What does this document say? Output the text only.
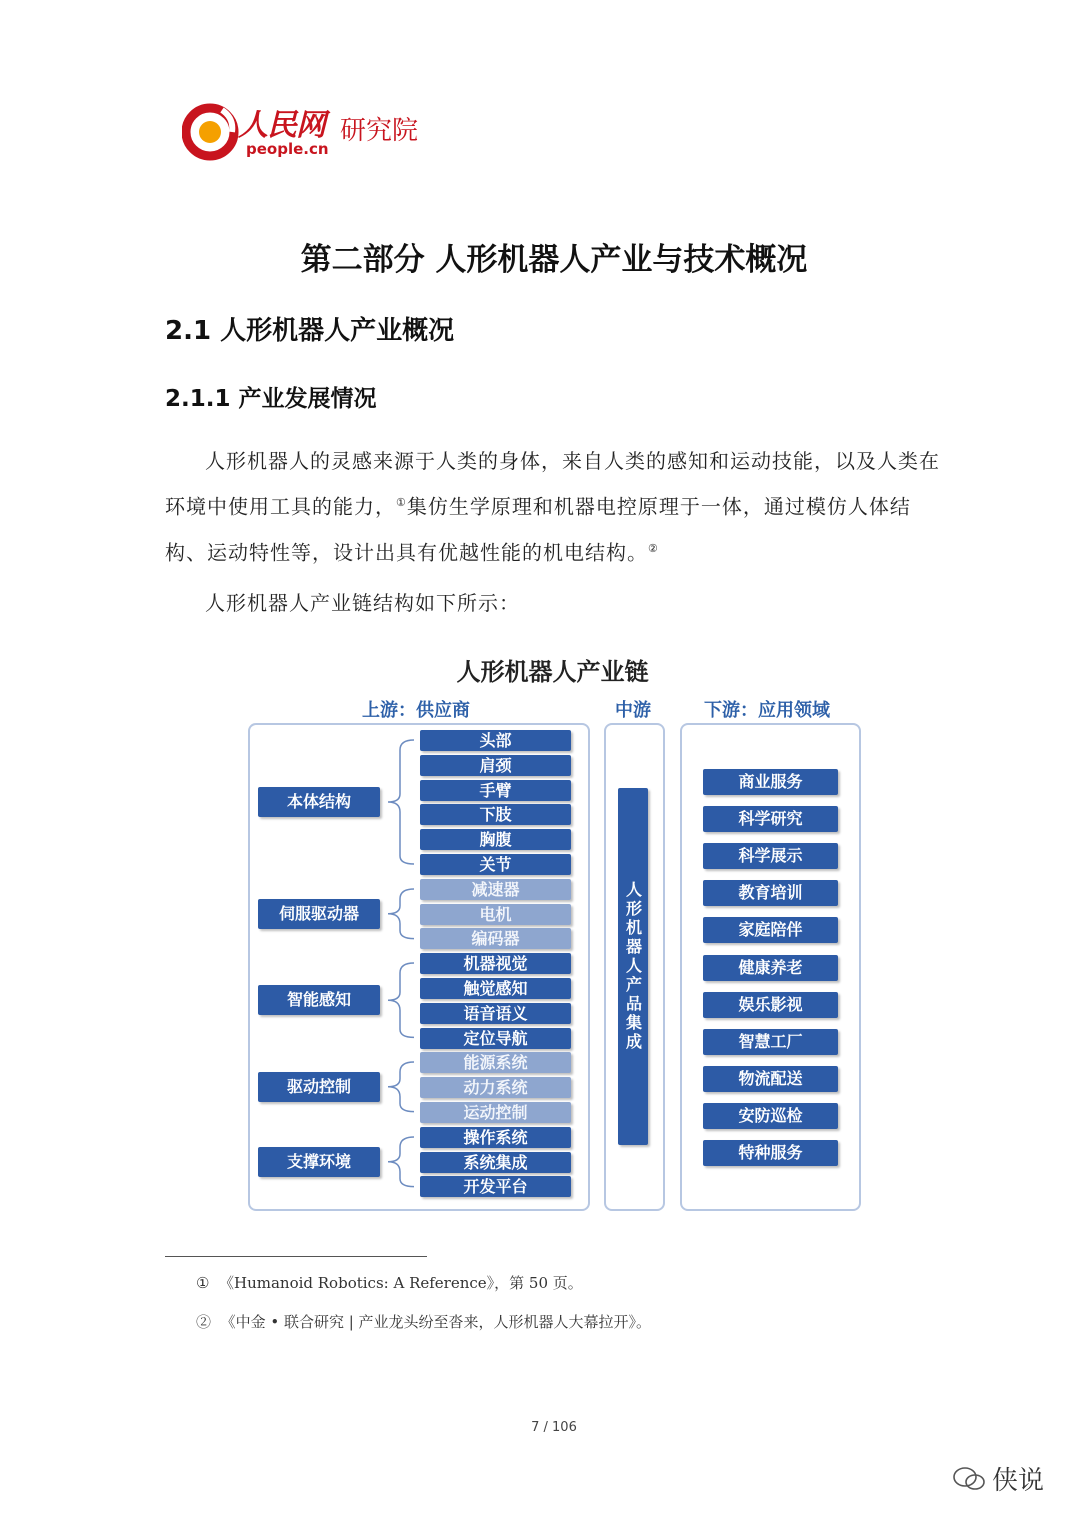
人民网 研究院
people.cn
第二部分 人形机器人产业与技术概况
2.1 人形机器人产业概况
2.1.1 产业发展情况

人形机器人的灵感来源于人类的身体，来自人类的感知和运动技能，以及人类在环境中使用工具的能力，①集仿生学原理和机器电控原理于一体，通过模仿人体结构、运动特性等，设计出具有优越性能的机电结构。②

人形机器人产业链结构如下所示：

人形机器人产业链
上游：供应商	中游	下游：应用领域
头部
肩颈
手臂
下肢
胸腹
关节
本体结构
减速器
电机
编码器
伺服驱动器
机器视觉
触觉感知
语音语义
定位导航
智能感知
能源系统
动力系统
运动控制
驱动控制
操作系统
系统集成
开发平台
支撑环境
商业服务
科学研究
科学展示
教育培训
家庭陪伴
健康养老
娱乐影视
智慧工厂
物流配送
安防巡检
特种服务
人形机器人产品集成
① 《Humanoid Robotics: A Reference》，第 50 页。
② 《中金 • 联合研究 | 产业龙头纷至沓来，人形机器人大幕拉开》。
7 / 106
侠说
